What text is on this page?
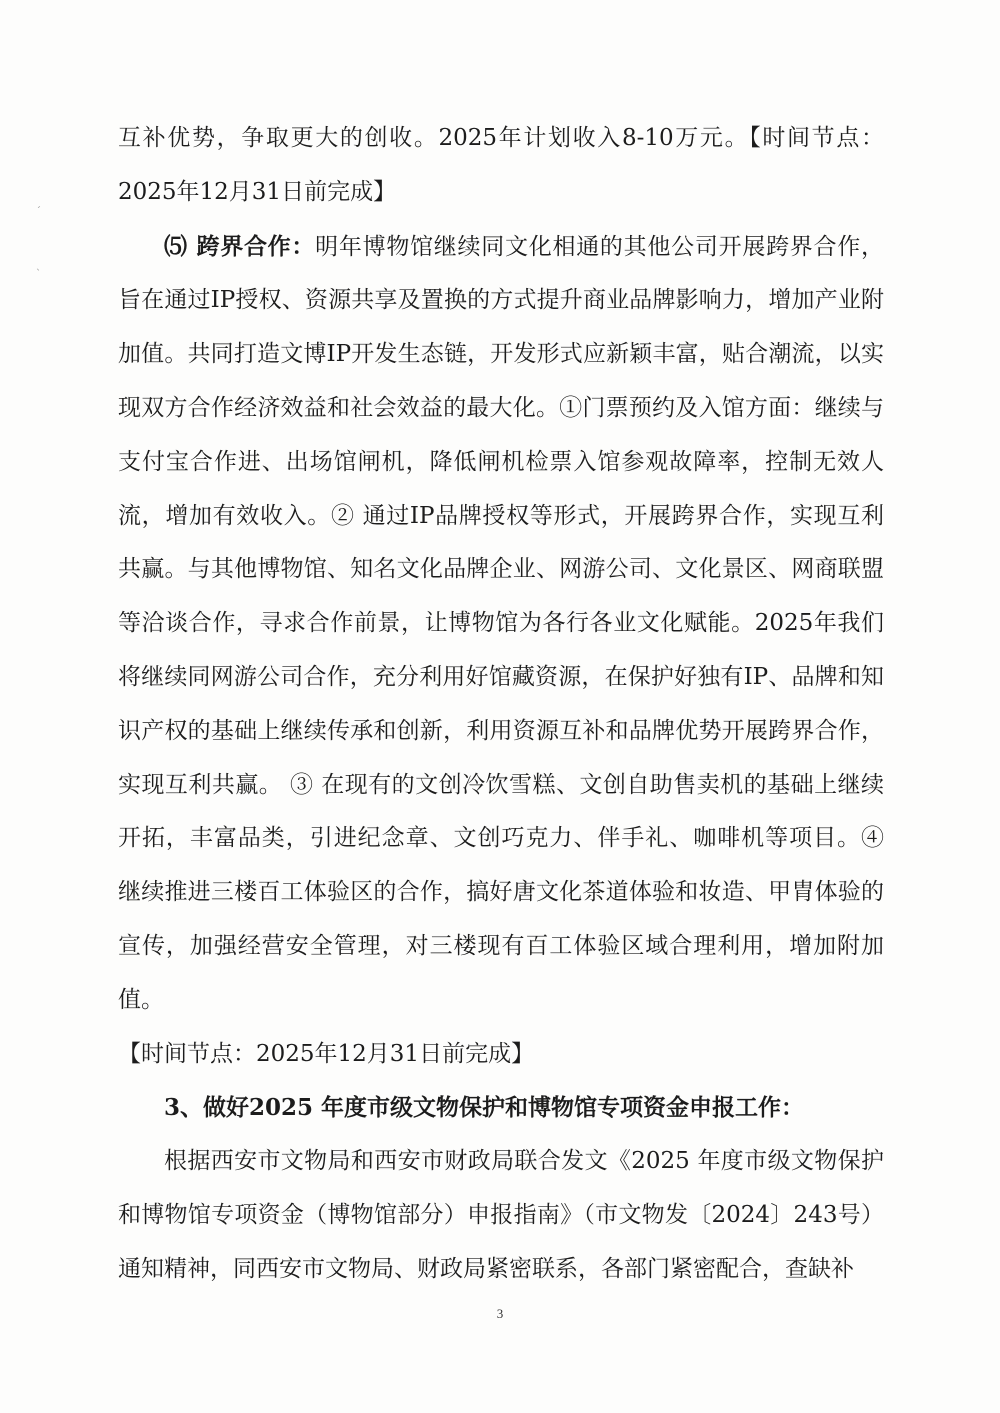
ˊ
ˎ

互补优势，争取更大的创收。2025年计划收入8-10万元。【时间节点：2025年12月31日前完成】

⑸ 跨界合作：明年博物馆继续同文化相通的其他公司开展跨界合作，旨在通过IP授权、资源共享及置换的方式提升商业品牌影响力，增加产业附加值。共同打造文博IP开发生态链，开发形式应新颖丰富，贴合潮流，以实现双方合作经济效益和社会效益的最大化。①门票预约及入馆方面：继续与支付宝合作进、出场馆闸机，降低闸机检票入馆参观故障率，控制无效人流，增加有效收入。② 通过IP品牌授权等形式，开展跨界合作，实现互利共赢。与其他博物馆、知名文化品牌企业、网游公司、文化景区、网商联盟等洽谈合作，寻求合作前景，让博物馆为各行各业文化赋能。2025年我们将继续同网游公司合作，充分利用好馆藏资源，在保护好独有IP、品牌和知识产权的基础上继续传承和创新，利用资源互补和品牌优势开展跨界合作，实现互利共赢。 ③ 在现有的文创冷饮雪糕、文创自助售卖机的基础上继续开拓，丰富品类，引进纪念章、文创巧克力、伴手礼、咖啡机等项目。④ 继续推进三楼百工体验区的合作，搞好唐文化茶道体验和妆造、甲胄体验的宣传，加强经营安全管理，对三楼现有百工体验区域合理利用，增加附加值。

【时间节点：2025年12月31日前完成】

3、做好2025 年度市级文物保护和博物馆专项资金申报工作：

根据西安市文物局和西安市财政局联合发文《2025 年度市级文物保护和博物馆专项资金（博物馆部分）申报指南》（市文物发〔2024〕243号）通知精神，同西安市文物局、财政局紧密联系，各部门紧密配合，查缺补

3
